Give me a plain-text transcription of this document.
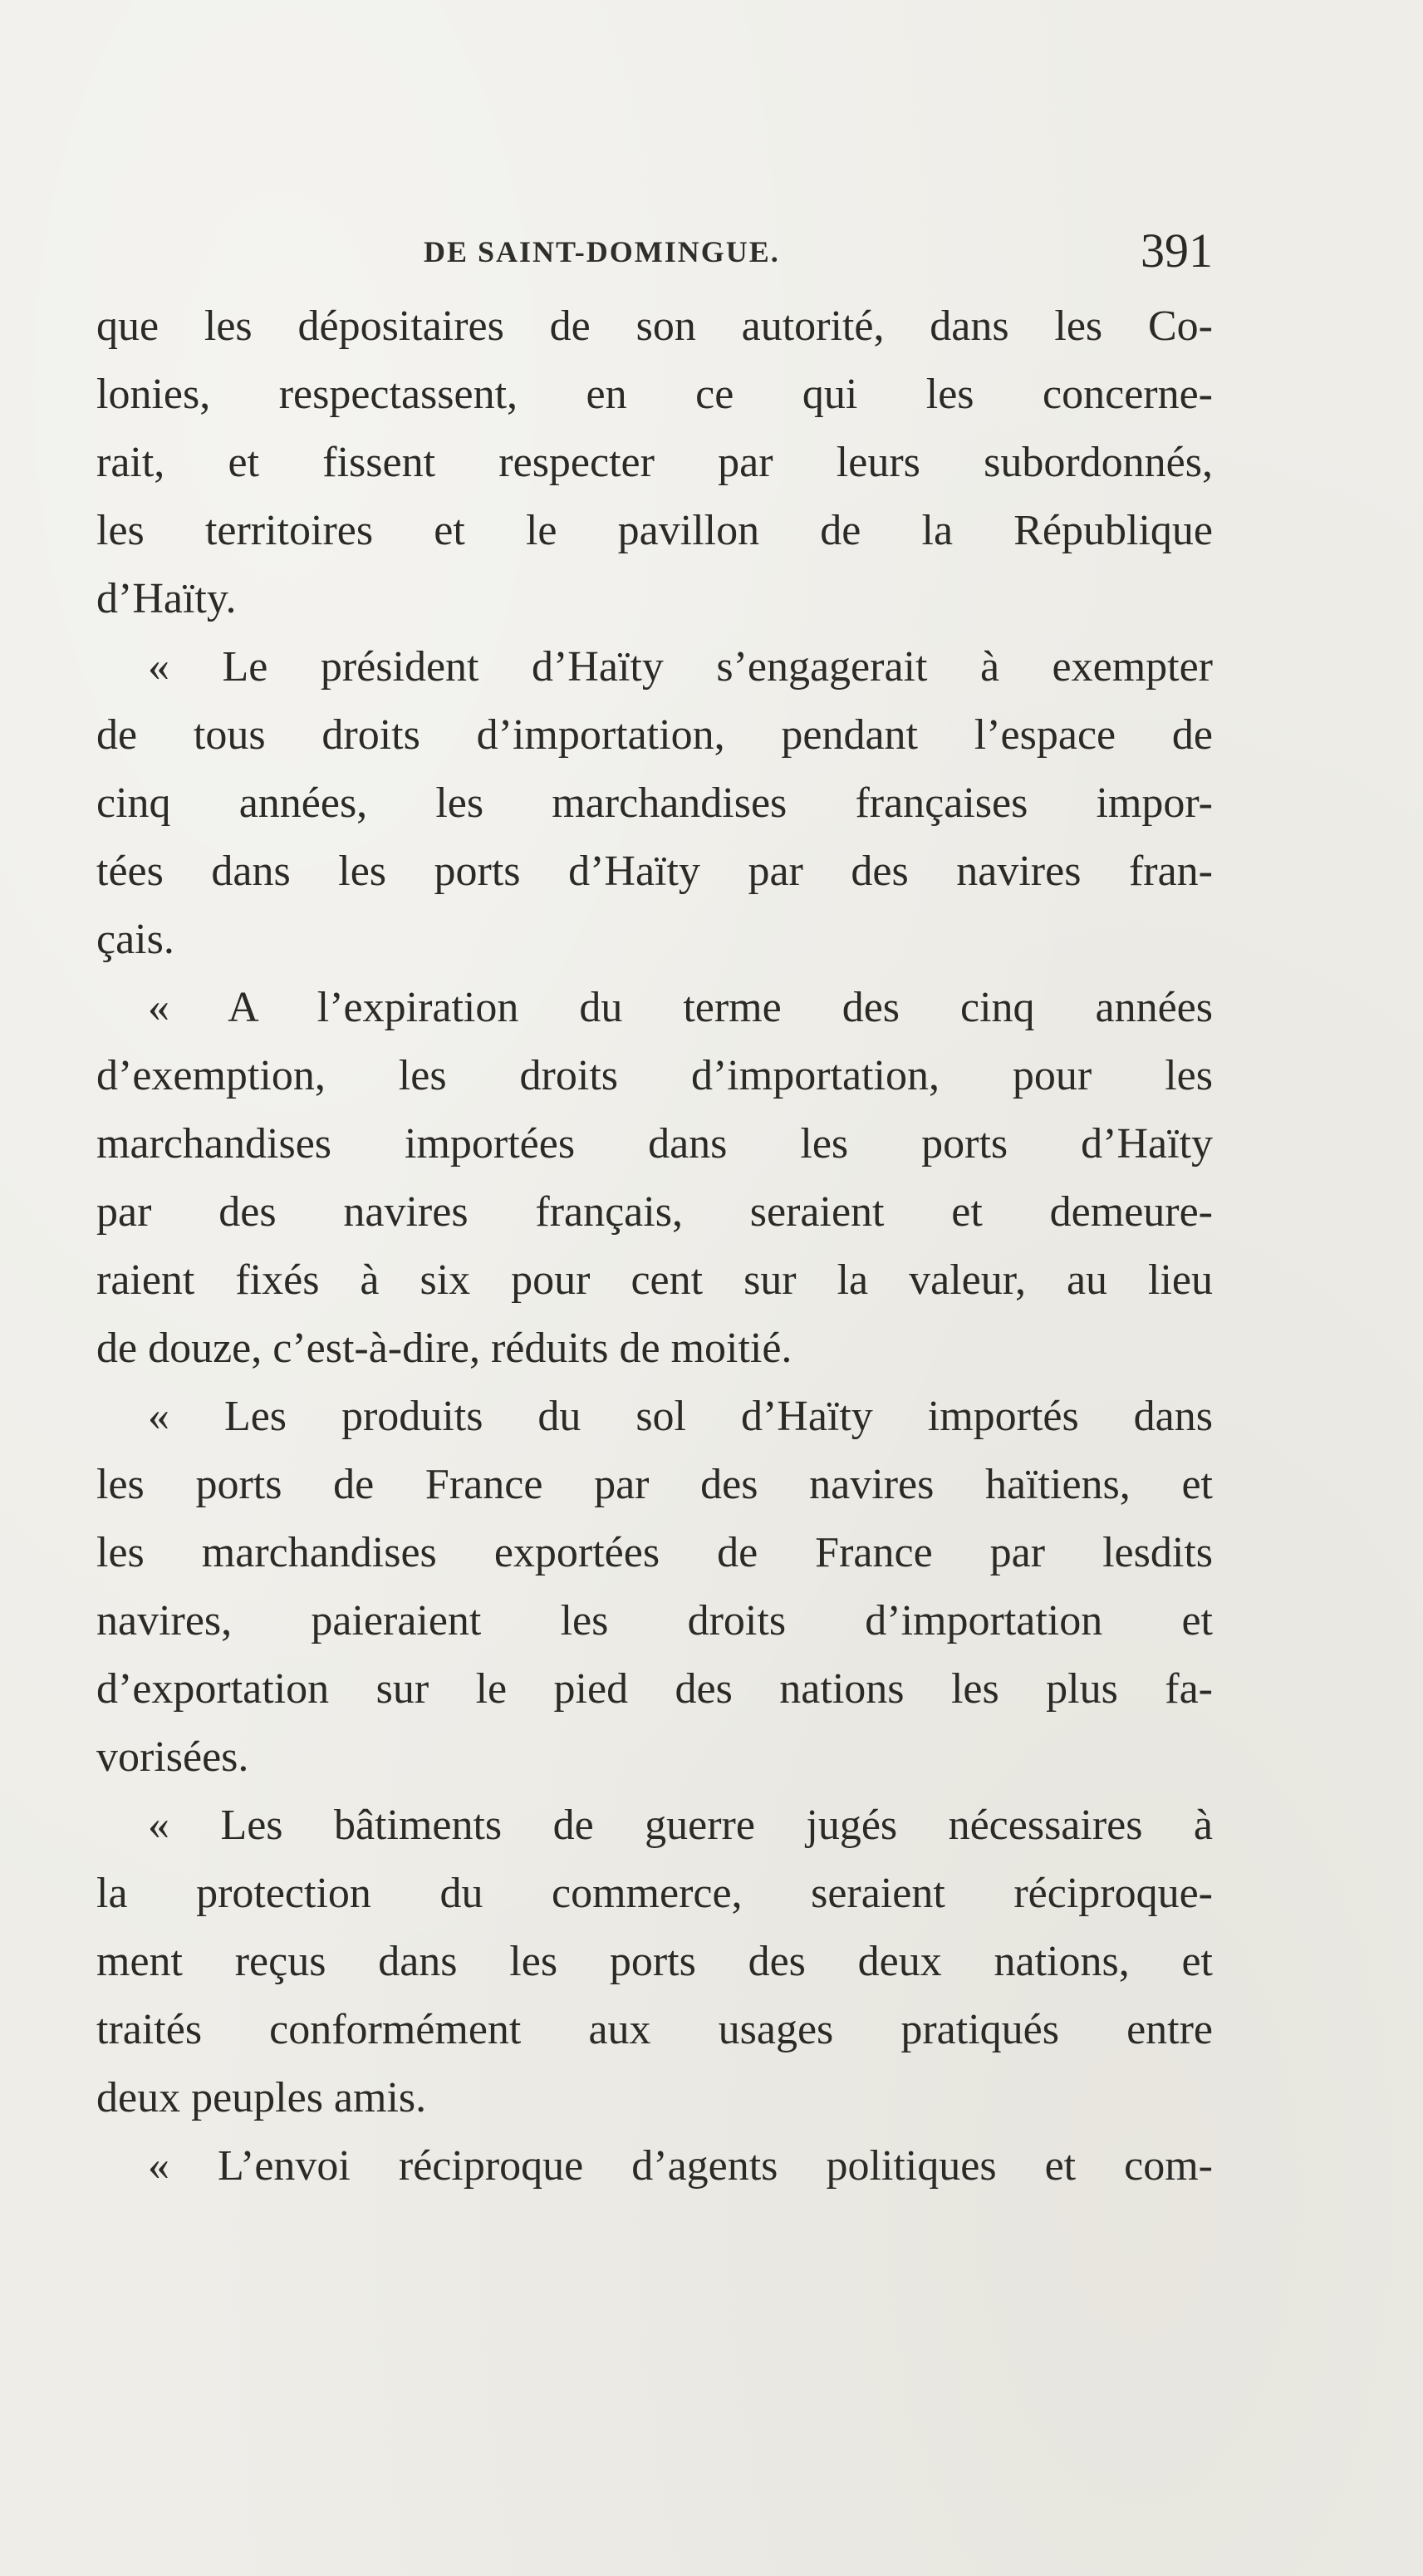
DE SAINT-DOMINGUE.	391
que les dépositaires de son autorité, dans les Co-
lonies, respectassent, en ce qui les concerne-
rait, et fissent respecter par leurs subordonnés,
les territoires et le pavillon de la République
d’Haïty.
« Le président d’Haïty s’engagerait à exempter
de tous droits d’importation, pendant l’espace de
cinq années, les marchandises françaises impor-
tées dans les ports d’Haïty par des navires fran-
çais.
« A l’expiration du terme des cinq années
d’exemption, les droits d’importation, pour les
marchandises importées dans les ports d’Haïty
par des navires français, seraient et demeure-
raient fixés à six pour cent sur la valeur, au lieu
de douze, c’est-à-dire, réduits de moitié.
« Les produits du sol d’Haïty importés dans
les ports de France par des navires haïtiens, et
les marchandises exportées de France par lesdits
navires, paieraient les droits d’importation et
d’exportation sur le pied des nations les plus fa-
vorisées.
« Les bâtiments de guerre jugés nécessaires à
la protection du commerce, seraient réciproque-
ment reçus dans les ports des deux nations, et
traités conformément aux usages pratiqués entre
deux peuples amis.
« L’envoi réciproque d’agents politiques et com-
